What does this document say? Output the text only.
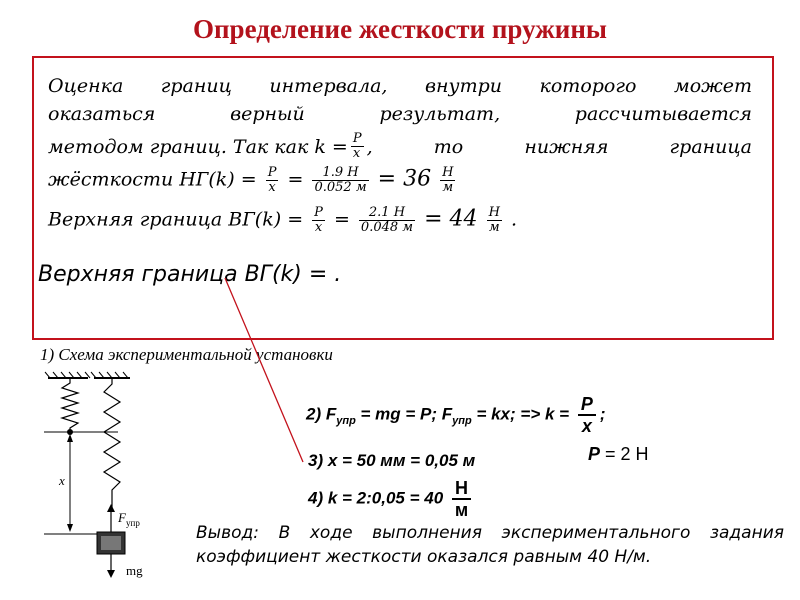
Определение жесткости пружины
Верхняя граница ВГ(k) = .
Оценка границ интервала, внутри которого может
оказаться верный результат, рассчитывается
методом границ. Так как $k = \frac{P}{x}$ , то нижняя граница
жёсткости $НГ(k) = \frac{P}{x} = \frac{1.9 Н}{0.052 м} = 36 \frac{Н}{м}$
Верхняя граница $ВГ(k) = \frac{P}{x} = \frac{2.1 Н}{0.048 м} = 44 \frac{Н}{м}$ .
1) Схема экспериментальной установки
x
F упр
mg
2) $F_{упр}$ = mg = P; $F_{упр}$ = kx; => $k = \frac{P}{x}$ ;
3) x = 50 мм = 0,05 м	P = 2 Н
4) k = 2:0,05 = $40 \frac{Н}{м}$
Вывод: В ходе выполнения экспериментального задания коэффициент жесткости оказался равным 40 Н/м.
